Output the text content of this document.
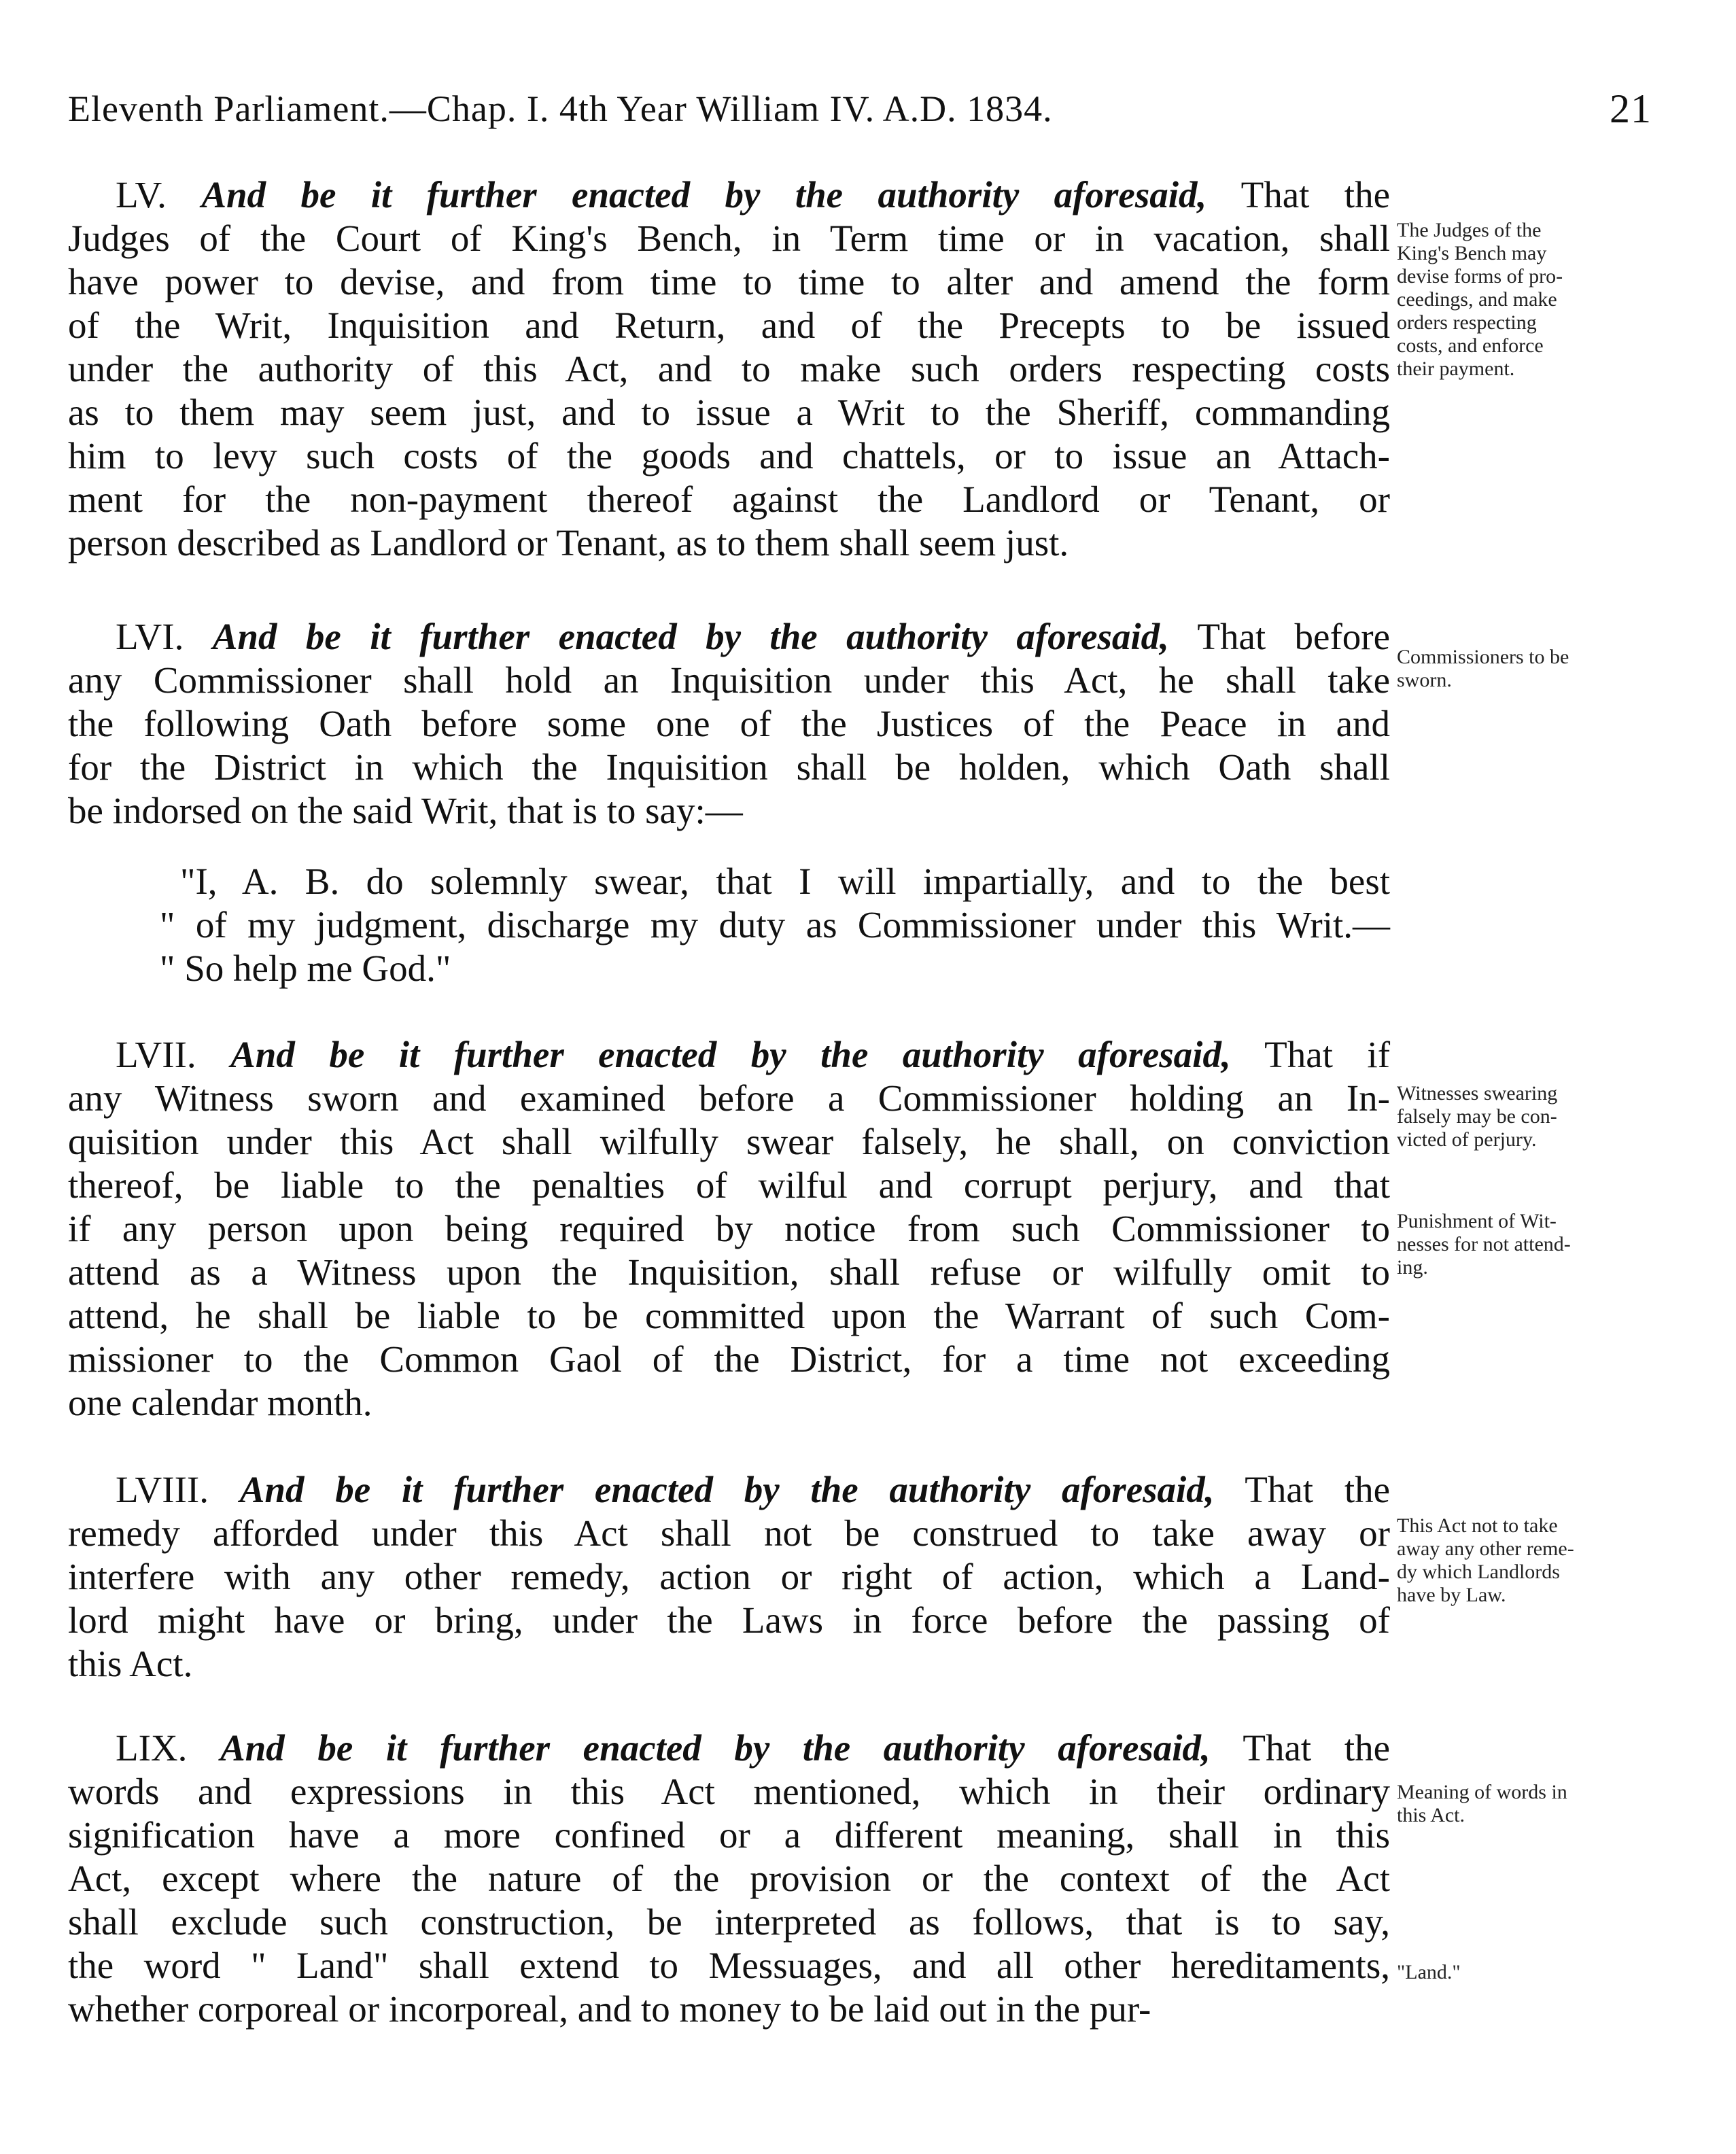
Eleventh Parliament.—Chap. I. 4th Year William IV. A.D. 1834.	21
LV. And be it further enacted by the authority aforesaid, That the
Judges of the Court of King's Bench, in Term time or in vacation, shall
have power to devise, and from time to time to alter and amend the form
of the Writ, Inquisition and Return, and of the Precepts to be issued
under the authority of this Act, and to make such orders respecting costs
as to them may seem just, and to issue a Writ to the Sheriff, commanding
him to levy such costs of the goods and chattels, or to issue an Attach-
ment for the non-payment thereof against the Landlord or Tenant, or
person described as Landlord or Tenant, as to them shall seem just.
LVI. And be it further enacted by the authority aforesaid, That before
any Commissioner shall hold an Inquisition under this Act, he shall take
the following Oath before some one of the Justices of the Peace in and
for the District in which the Inquisition shall be holden, which Oath shall
be indorsed on the said Writ, that is to say:—
"I, A. B. do solemnly swear, that I will impartially, and to the best
" of my judgment, discharge my duty as Commissioner under this Writ.—
" So help me God."
LVII. And be it further enacted by the authority aforesaid, That if
any Witness sworn and examined before a Commissioner holding an In-
quisition under this Act shall wilfully swear falsely, he shall, on conviction
thereof, be liable to the penalties of wilful and corrupt perjury, and that
if any person upon being required by notice from such Commissioner to
attend as a Witness upon the Inquisition, shall refuse or wilfully omit to
attend, he shall be liable to be committed upon the Warrant of such Com-
missioner to the Common Gaol of the District, for a time not exceeding
one calendar month.
LVIII. And be it further enacted by the authority aforesaid, That the
remedy afforded under this Act shall not be construed to take away or
interfere with any other remedy, action or right of action, which a Land-
lord might have or bring, under the Laws in force before the passing of
this Act.
LIX. And be it further enacted by the authority aforesaid, That the
words and expressions in this Act mentioned, which in their ordinary
signification have a more confined or a different meaning, shall in this
Act, except where the nature of the provision or the context of the Act
shall exclude such construction, be interpreted as follows, that is to say,
the word " Land" shall extend to Messuages, and all other hereditaments,
whether corporeal or incorporeal, and to money to be laid out in the pur-
The Judges of the
King's Bench may
devise forms of pro-
ceedings, and make
orders respecting
costs, and enforce
their payment.
Commissioners to be
sworn.
Witnesses swearing
falsely may be con-
victed of perjury.
Punishment of Wit-
nesses for not attend-
ing.
This Act not to take
away any other reme-
dy which Landlords
have by Law.
Meaning of words in
this Act.
"Land."
